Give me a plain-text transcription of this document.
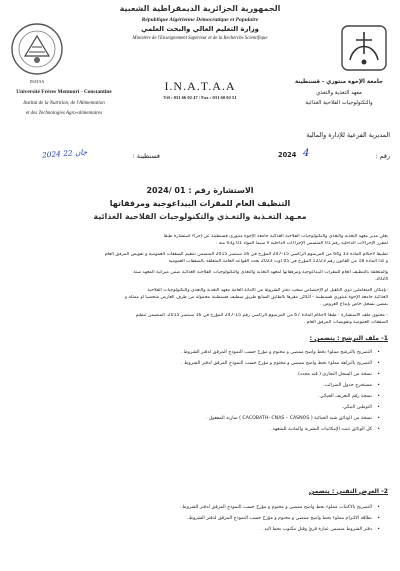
الجمهورية الجزائرية الديمقراطية الشعبية
République Algérienne Démocratique et Populaire
وزارة التعليم العالي والبحث العلمي
Ministère de l'Enseignement Supérieur et de la Recherche Scientifique
INATAA
Université Frères Mentouri - Constantine
Institut de la Nutrition, de l'Alimentation
et des Technologies Agro-alimentaires
I.N.A.T.A.A
Tél : 031 66 02 47 / Fax : 031 60 02 51
جامعة الإخوة منتوري - قسنطينة
معهد التغذية والتغذي
والتكنولوجيات الفلاحية الغذائية
المديرية الفرعية للإدارة والمالية
رقم :
4
2024
قسنطينة :
2024 جان 22
الاستشارة رقم : 01 /2024
التنظيف العام للمقرات البيداغوجية ومرفقاتها
معـهد التغـذية والتغـذي والتكنولوجيات الفلاحية الغذائية
يعلن مدير معهد التغذية والتغذي والتكنولوجيات الفلاحية الغذائية جامعة الإخوة منتوري قسنطينة عن إجراء استشارة طبقا
لمقرر الإجراءات الداخلية رقم 01 المتضمن الإجراءات الداخلية لا سيما المواد 01 و03 منه .
تطبيقا لأحكام المادة 13 و64 من المرسوم الرئاسي 15-247 المؤرخ في 16 سبتمبر 2015 المتضمن تنظيم الصفقات العمومية و تفويض المرفق العام
و كذا المادة 18 من القانون رقم 12/23 المؤرخ في 05 أوت 2023 يحدد القواعد العامة المتعلقة بالصفقات العمومية
والمتعلقة بالتنظيف العام للمقرات البيداغوجية ومرفقاتها لمعهد التغذية والتغذي والتكنولوجيات الفلاحية الغذائية ضمن ميزانية المعهد سنة
2024.
-بإمكان المتعاملين ذوي التأهيل أو الإختصاص سحب دفتر الشروط من الأمانة العامة معهد التغذية والتغذي والتكنولوجيات الفلاحية
الغذائية جامعة الإخوة منتوري قسنطينة - الكائن مقرها بالطابق السابع طريق سطيف قسنطينة محمولة من طرف العارض شخصيا أو ممثله و
يمضي بسجل خاص بإيداع العروض .
- محتوى ملف الاستشارة : طبقا لأحكام المادة 67 من المرسوم الرئاسي رقم 15-247 المؤرخ في 16 سبتمبر 2015، المتضمن تنظيم
الصفقات العمومية وتفويضات المرفق العام .
1- ملف الترشح : يتضمن :
• التصريح بالترشح مملوء بخط واضح ممضي و مختوم و مؤرخ حسب النموذج المرفق لدفتر الشروط .
• التصريح بالنزاهة مملوء بخط واضح ممضي و مختوم و مؤرخ حسب النموذج المرفق لدفتر الشروط .
• نسخة من السجل التجاري ( قيد مجدد).
• مستخرج جدول الضرائب.
• نسخة رقم التعريف الجبائي.
• التوطين البنكي.
• نسخة من الوثائق شبه الجبائية ( CACOBATH- CNAS – CASNOS ) سارية المفعول .
• كل الوثائق تثبت الإمكانيات البشرية والمادية للمتعهد .
2- العرض التقني : يتضمن
• التصريح بالاكتتاب مملوء بخط واضح ممضي و مختوم و مؤرخ حسب النموذج المرفق لدفتر الشروط .
• بطاقة الالتزام مملوء بخط واضح ممضي و مختوم و مؤرخ حسب النموذج المرفق لدفتر الشروط.
• دفتر الشروط متضمن عبارة قرئ وقبل مكتوب بخط اليد .
